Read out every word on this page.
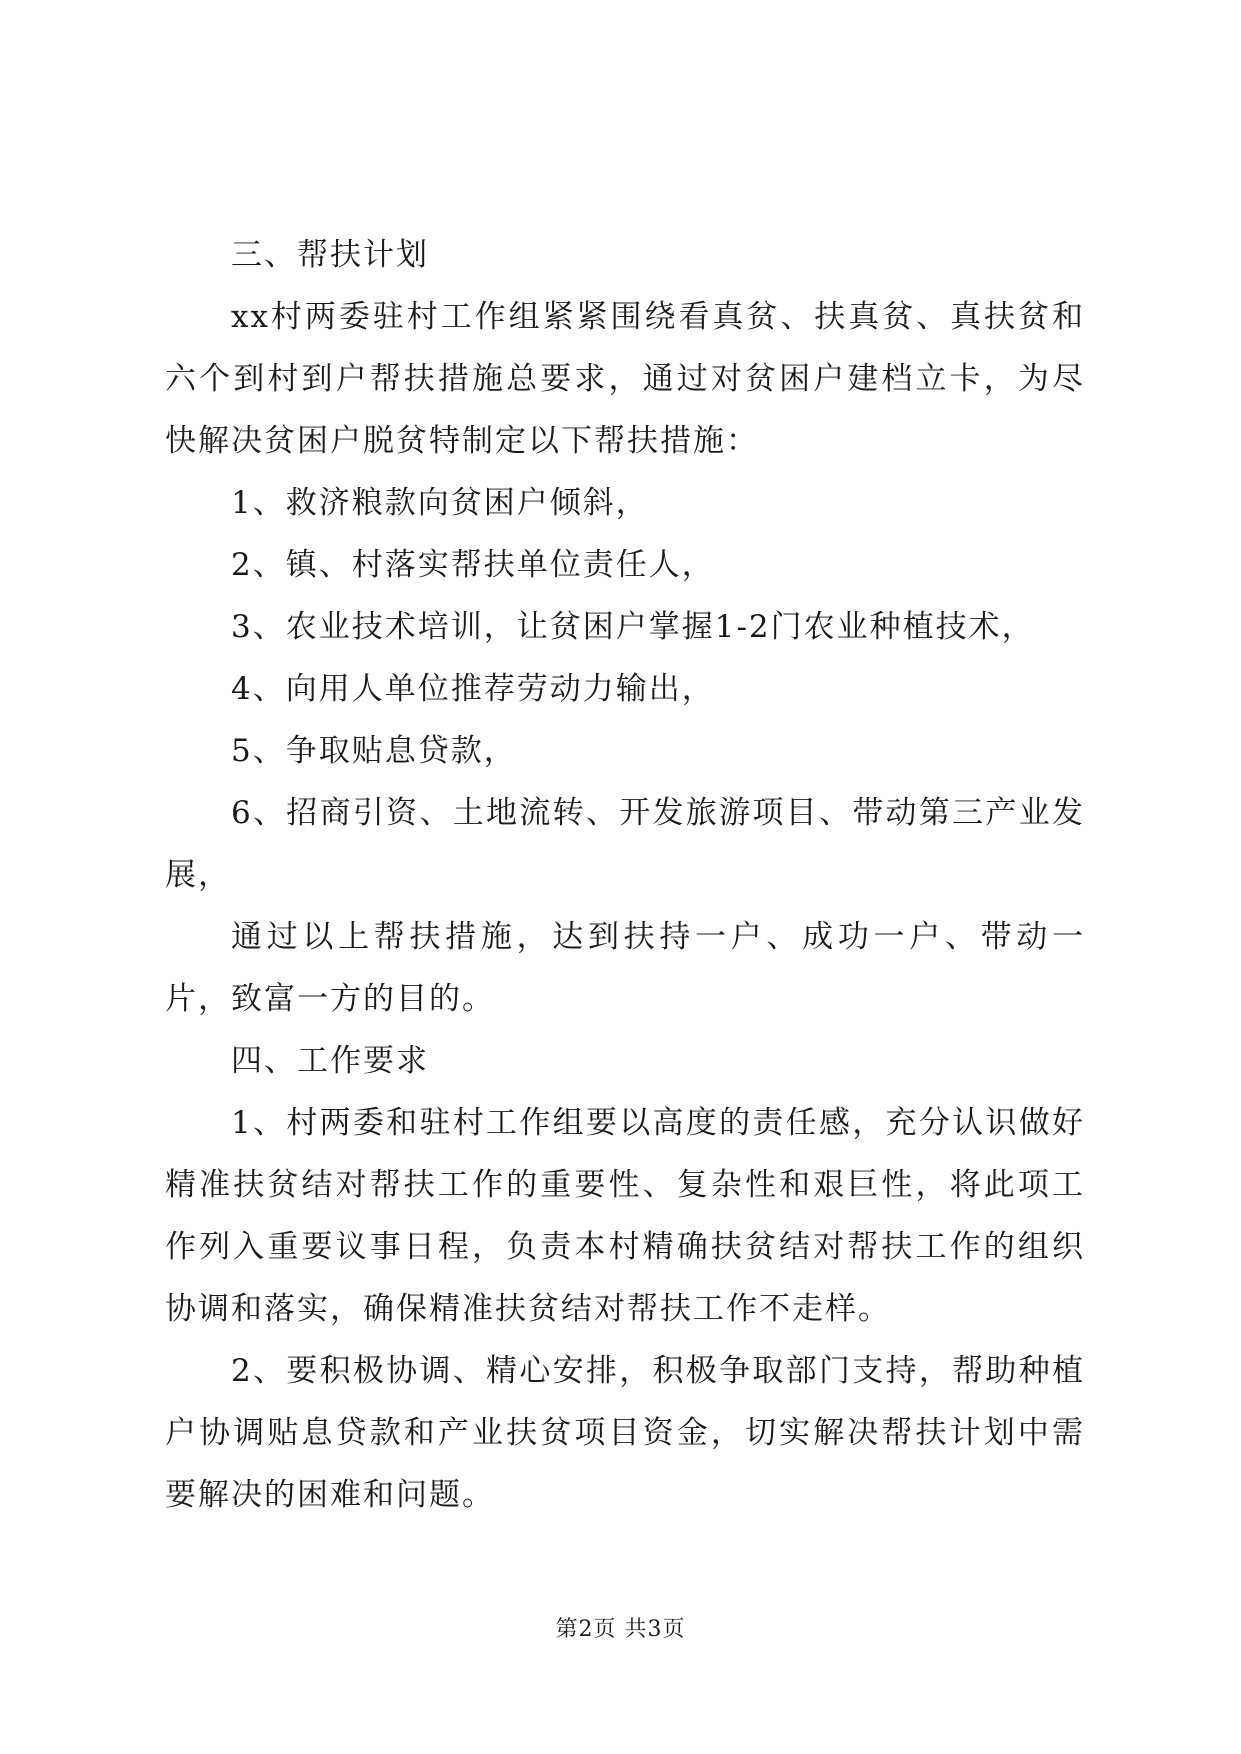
三、帮扶计划

xx村两委驻村工作组紧紧围绕看真贫、扶真贫、真扶贫和六个到村到户帮扶措施总要求，通过对贫困户建档立卡，为尽快解决贫困户脱贫特制定以下帮扶措施：

1、救济粮款向贫困户倾斜，

2、镇、村落实帮扶单位责任人，

3、农业技术培训，让贫困户掌握1-2门农业种植技术，

4、向用人单位推荐劳动力输出，

5、争取贴息贷款，

6、招商引资、土地流转、开发旅游项目、带动第三产业发展，

通过以上帮扶措施，达到扶持一户、成功一户、带动一片，致富一方的目的。

四、工作要求

1、村两委和驻村工作组要以高度的责任感，充分认识做好精准扶贫结对帮扶工作的重要性、复杂性和艰巨性，将此项工作列入重要议事日程，负责本村精确扶贫结对帮扶工作的组织协调和落实，确保精准扶贫结对帮扶工作不走样。

2、要积极协调、精心安排，积极争取部门支持，帮助种植户协调贴息贷款和产业扶贫项目资金，切实解决帮扶计划中需要解决的困难和问题。

第2页 共3页
